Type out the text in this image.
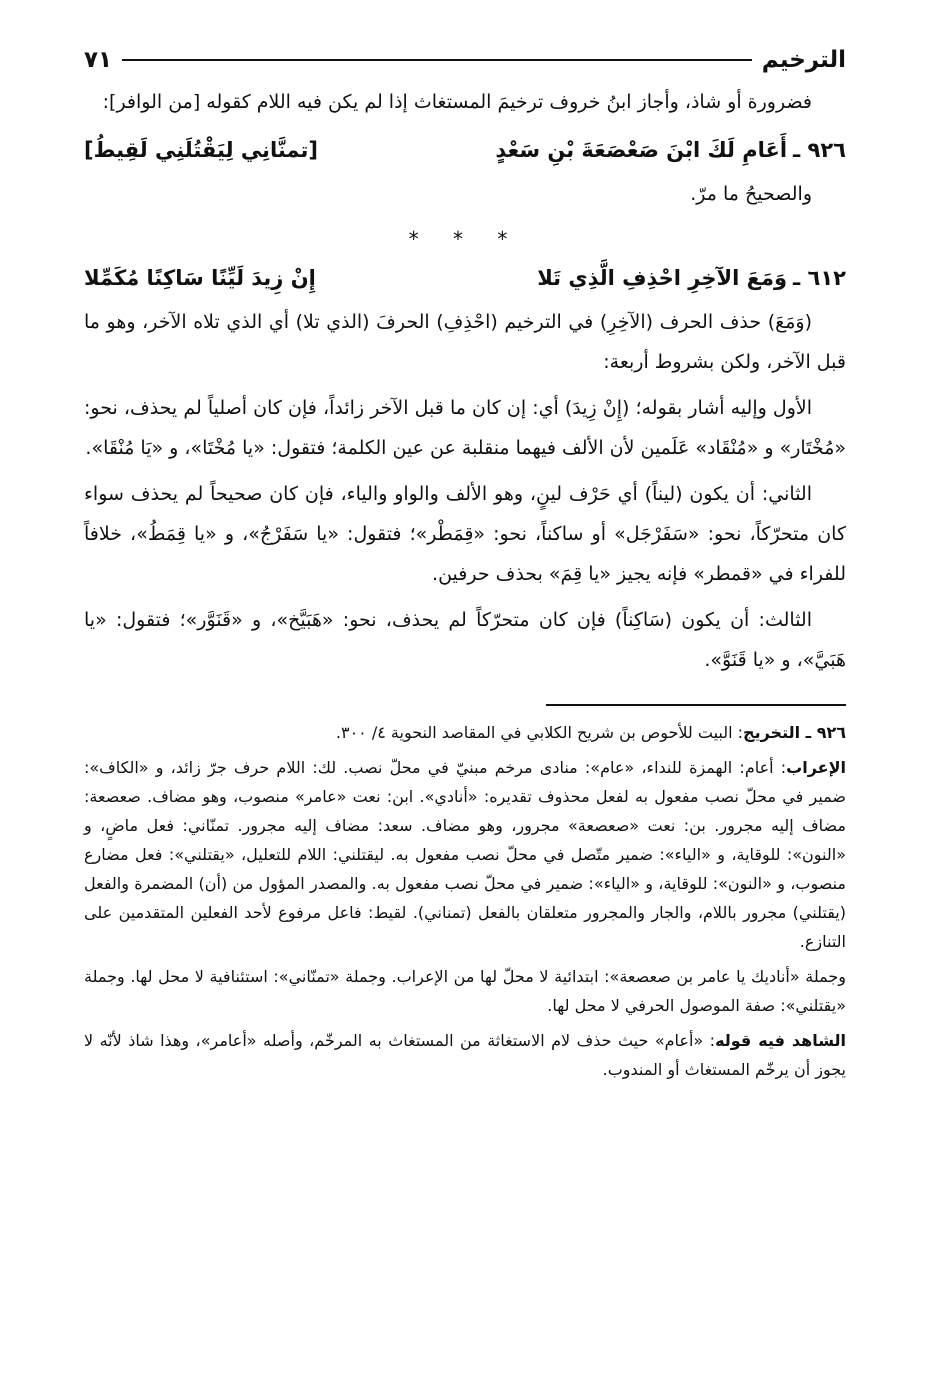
الترخيم
٧١

فضرورة أو شاذ، وأجاز ابنُ خروف ترخيمَ المستغاث إذا لم يكن فيه اللام كقوله [من الوافر]:

٩٢٦ ـ
أَعَامِ لَكَ ابْنَ صَعْصَعَةَ بْنِ سَعْدٍ
[تمنَّانِي لِيَقْتُلَنِي لَقِيطُ]

والصحيحُ ما مرّ.

* * *
٦١٢ ـ
وَمَعَ الآخِرِ احْذِفِ الَّذِي تَلا
إِنْ زِيدَ لَيِّنًا سَاكِنًا مُكَمِّلا

(وَمَعَ) حذف الحرف (الآخِرِ) في الترخيم (احْذِفِ) الحرفَ (الذي تلا) أي الذي تلاه الآخر، وهو ما قبل الآخر، ولكن بشروط أربعة:

الأول وإليه أشار بقوله؛ (إِنْ زِيدَ) أي: إن كان ما قبل الآخر زائداً، فإن كان أصلياً لم يحذف، نحو: «مُخْتَار» و «مُنْقَاد» عَلَمين لأن الألف فيهما منقلبة عن عين الكلمة؛ فتقول: «يا مُخْتَا»، و «يَا مُنْقَا».

الثاني: أن يكون (ليناً) أي حَرْف لينٍ، وهو الألف والواو والياء، فإن كان صحيحاً لم يحذف سواء كان متحرّكاً، نحو: «سَفَرْجَل» أو ساكناً، نحو: «قِمَطْر»؛ فتقول: «يا سَفَرْجُ»، و «يا قِمَطُ»، خلافاً للفراء في «قمطر» فإنه يجيز «يا قِمَ» بحذف حرفين.

الثالث: أن يكون (سَاكِناً) فإن كان متحرّكاً لم يحذف، نحو: «هَبَيَّخ»، و «قَنَوَّر»؛ فتقول: «يا هَبَيَّ»، و «يا قَنَوَّ».

٩٢٦ ـ التخريج: البيت للأحوص بن شريح الكلابي في المقاصد النحوية ٤/ ٣٠٠.

الإعراب: أعام: الهمزة للنداء، «عام»: منادى مرخم مبنيّ في محلّ نصب. لك: اللام حرف جرّ زائد، و «الكاف»: ضمير في محلّ نصب مفعول به لفعل محذوف تقديره: «أنادي». ابن: نعت «عامر» منصوب، وهو مضاف. صعصعة: مضاف إليه مجرور. بن: نعت «صعصعة» مجرور، وهو مضاف. سعد: مضاف إليه مجرور. تمنّاني: فعل ماضٍ، و «النون»: للوقاية، و «الياء»: ضمير متّصل في محلّ نصب مفعول به. ليقتلني: اللام للتعليل، «يقتلني»: فعل مضارع منصوب، و «النون»: للوقاية، و «الياء»: ضمير في محلّ نصب مفعول به. والمصدر المؤول من (أن) المضمرة والفعل (يقتلني) مجرور باللام، والجار والمجرور متعلقان بالفعل (تمناني). لقيط: فاعل مرفوع لأحد الفعلين المتقدمين على التنازع.

وجملة «أناديك يا عامر بن صعصعة»: ابتدائية لا محلّ لها من الإعراب. وجملة «تمنّاني»: استئنافية لا محل لها. وجملة «يقتلني»: صفة الموصول الحرفي لا محل لها.

الشاهد فيه قوله: «أعام» حيث حذف لام الاستغاثة من المستغاث به المرخّم، وأصله «أعامر»، وهذا شاذ لأنّه لا يجوز أن يرخّم المستغاث أو المندوب.
